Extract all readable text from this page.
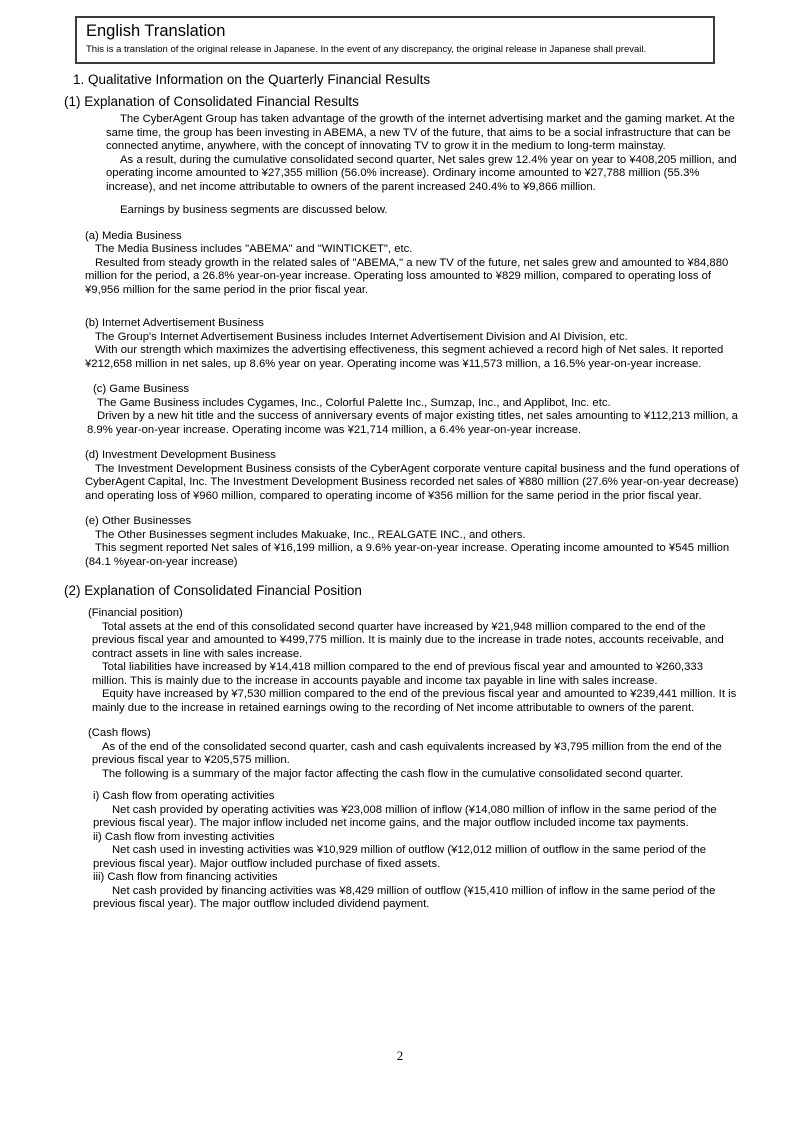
English Translation
This is a translation of the original release in Japanese. In the event of any discrepancy, the original release in Japanese shall prevail.
1. Qualitative Information on the Quarterly Financial Results
(1) Explanation of Consolidated Financial Results

The CyberAgent Group has taken advantage of the growth of the internet advertising market and the gaming market. At the same time, the group has been investing in ABEMA, a new TV of the future, that aims to be a social infrastructure that can be connected anytime, anywhere, with the concept of innovating TV to grow it in the medium to long-term mainstay.

As a result, during the cumulative consolidated second quarter, Net sales grew 12.4% year on year to ¥408,205 million, and operating income amounted to ¥27,355 million (56.0% increase). Ordinary income amounted to ¥27,788 million (55.3% increase), and net income attributable to owners of the parent increased 240.4% to ¥9,866 million.

Earnings by business segments are discussed below.

(a) Media Business

The Media Business includes "ABEMA" and "WINTICKET", etc.

Resulted from steady growth in the related sales of "ABEMA," a new TV of the future, net sales grew and amounted to ¥84,880 million for the period, a 26.8% year-on-year increase. Operating loss amounted to ¥829 million, compared to operating loss of ¥9,956 million for the same period in the prior fiscal year.

(b) Internet Advertisement Business

The Group's Internet Advertisement Business includes Internet Advertisement Division and AI Division, etc.

With our strength which maximizes the advertising effectiveness, this segment achieved a record high of Net sales. It reported ¥212,658 million in net sales, up 8.6% year on year. Operating income was ¥11,573 million, a 16.5% year-on-year increase.

(c) Game Business

The Game Business includes Cygames, Inc., Colorful Palette Inc., Sumzap, Inc., and Applibot, Inc. etc.

Driven by a new hit title and the success of anniversary events of major existing titles, net sales amounting to ¥112,213 million, a 8.9% year-on-year increase. Operating income was ¥21,714 million, a 6.4% year-on-year increase.

(d) Investment Development Business

The Investment Development Business consists of the CyberAgent corporate venture capital business and the fund operations of CyberAgent Capital, Inc. The Investment Development Business recorded net sales of ¥880 million (27.6% year-on-year decrease) and operating loss of ¥960 million, compared to operating income of ¥356 million for the same period in the prior fiscal year.

(e) Other Businesses

The Other Businesses segment includes Makuake, Inc., REALGATE INC., and others.

This segment reported Net sales of ¥16,199 million, a 9.6% year-on-year increase. Operating income amounted to ¥545 million (84.1 %year-on-year increase)

(2) Explanation of Consolidated Financial Position
(Financial position)

Total assets at the end of this consolidated second quarter have increased by ¥21,948 million compared to the end of the previous fiscal year and amounted to ¥499,775 million. It is mainly due to the increase in trade notes, accounts receivable, and contract assets in line with sales increase.

Total liabilities have increased by ¥14,418 million compared to the end of previous fiscal year and amounted to ¥260,333 million. This is mainly due to the increase in accounts payable and income tax payable in line with sales increase.

Equity have increased by ¥7,530 million compared to the end of the previous fiscal year and amounted to ¥239,441 million. It is mainly due to the increase in retained earnings owing to the recording of Net income attributable to owners of the parent.

(Cash flows)

As of the end of the consolidated second quarter, cash and cash equivalents increased by ¥3,795 million from the end of the previous fiscal year to ¥205,575 million.

The following is a summary of the major factor affecting the cash flow in the cumulative consolidated second quarter.

i) Cash flow from operating activities

Net cash provided by operating activities was ¥23,008 million of inflow (¥14,080 million of inflow in the same period of the previous fiscal year). The major inflow included net income gains, and the major outflow included income tax payments.

ii) Cash flow from investing activities

Net cash used in investing activities was ¥10,929 million of outflow (¥12,012 million of outflow in the same period of the previous fiscal year). Major outflow included purchase of fixed assets.

iii) Cash flow from financing activities

Net cash provided by financing activities was ¥8,429 million of outflow (¥15,410 million of inflow in the same period of the previous fiscal year). The major outflow included dividend payment.

2
